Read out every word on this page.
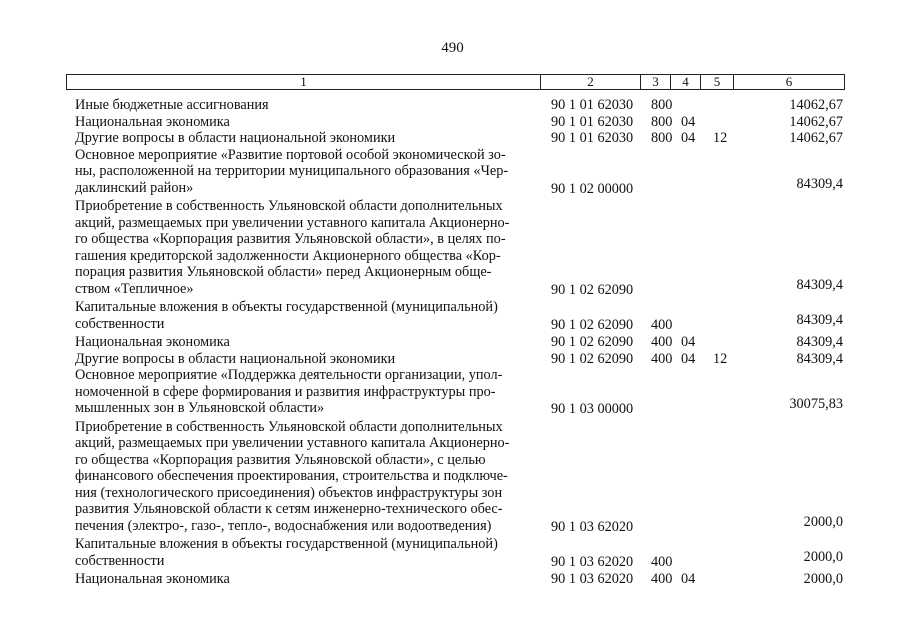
490
1	2	3	4	5	6
Иные бюджетные ассигнования	90 1 01 62030 800	14062,67
Национальная экономика	90 1 01 62030 800 04	14062,67
Другие вопросы в области национальной экономики	90 1 01 62030 800 04 12	14062,67
Основное мероприятие «Развитие портовой особой экономической зо-
ны, расположенной на территории муниципального образования «Чер-
даклинский район»	90 1 02 00000	84309,4
Приобретение в собственность Ульяновской области дополнительных
акций, размещаемых при увеличении уставного капитала Акционерно-
го общества «Корпорация развития Ульяновской области», в целях по-
гашения кредиторской задолженности Акционерного общества «Кор-
порация развития Ульяновской области» перед Акционерным обще-
ством «Тепличное»	90 1 02 62090	84309,4
Капитальные вложения в объекты государственной (муниципальной)
собственности	90 1 02 62090 400	84309,4
Национальная экономика	90 1 02 62090 400 04	84309,4
Другие вопросы в области национальной экономики	90 1 02 62090 400 04 12	84309,4
Основное мероприятие «Поддержка деятельности организации, упол-
номоченной в сфере формирования и развития инфраструктуры про-
мышленных зон в Ульяновской области»	90 1 03 00000	30075,83
Приобретение в собственность Ульяновской области дополнительных
акций, размещаемых при увеличении уставного капитала Акционерно-
го общества «Корпорация развития Ульяновской области», с целью
финансового обеспечения проектирования, строительства и подключе-
ния (технологического присоединения) объектов инфраструктуры зон
развития Ульяновской области к сетям инженерно-технического обес-
печения (электро-, газо-, тепло-, водоснабжения или водоотведения)	90 1 03 62020	2000,0
Капитальные вложения в объекты государственной (муниципальной)
собственности	90 1 03 62020 400	2000,0
Национальная экономика	90 1 03 62020 400 04	2000,0
